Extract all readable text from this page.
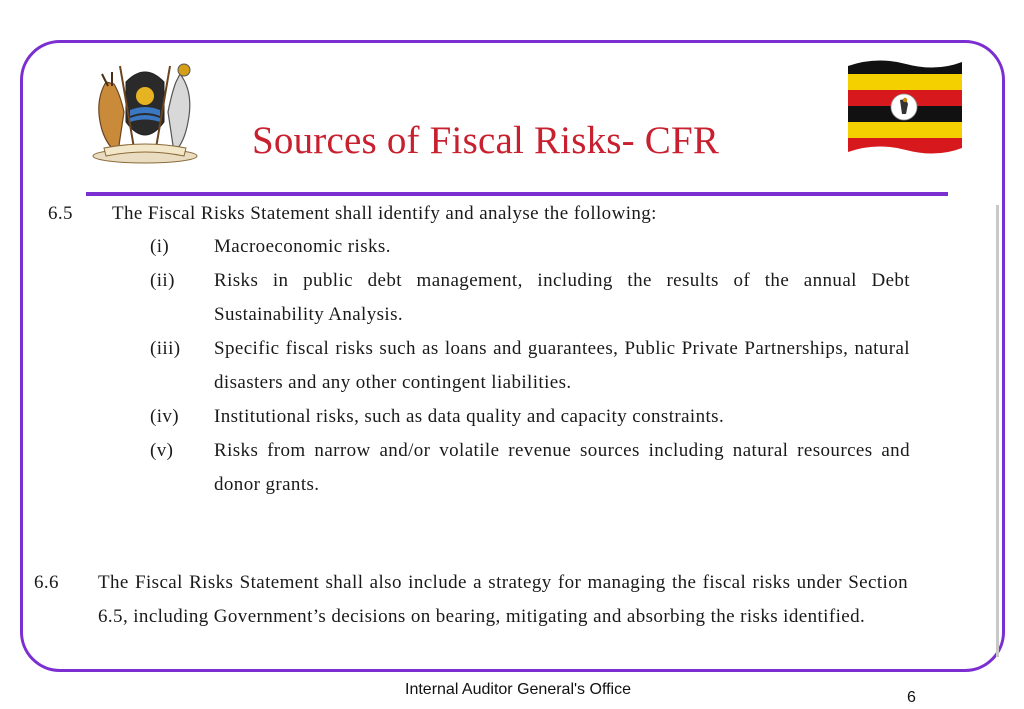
Sources of Fiscal Risks- CFR
6.5 The Fiscal Risks Statement shall identify and analyse the following:
(i)	Macroeconomic risks.
(ii)	Risks in public debt management, including the results of the annual Debt Sustainability Analysis.
(iii)	Specific fiscal risks such as loans and guarantees, Public Private Partnerships, natural disasters and any other contingent liabilities.
(iv)	Institutional risks, such as data quality and capacity constraints.
(v)	Risks from narrow and/or volatile revenue sources including natural resources and donor grants.
6.6 The Fiscal Risks Statement shall also include a strategy for managing the fiscal risks under Section 6.5, including Government’s decisions on bearing, mitigating and absorbing the risks identified.
Internal Auditor General's Office	6
